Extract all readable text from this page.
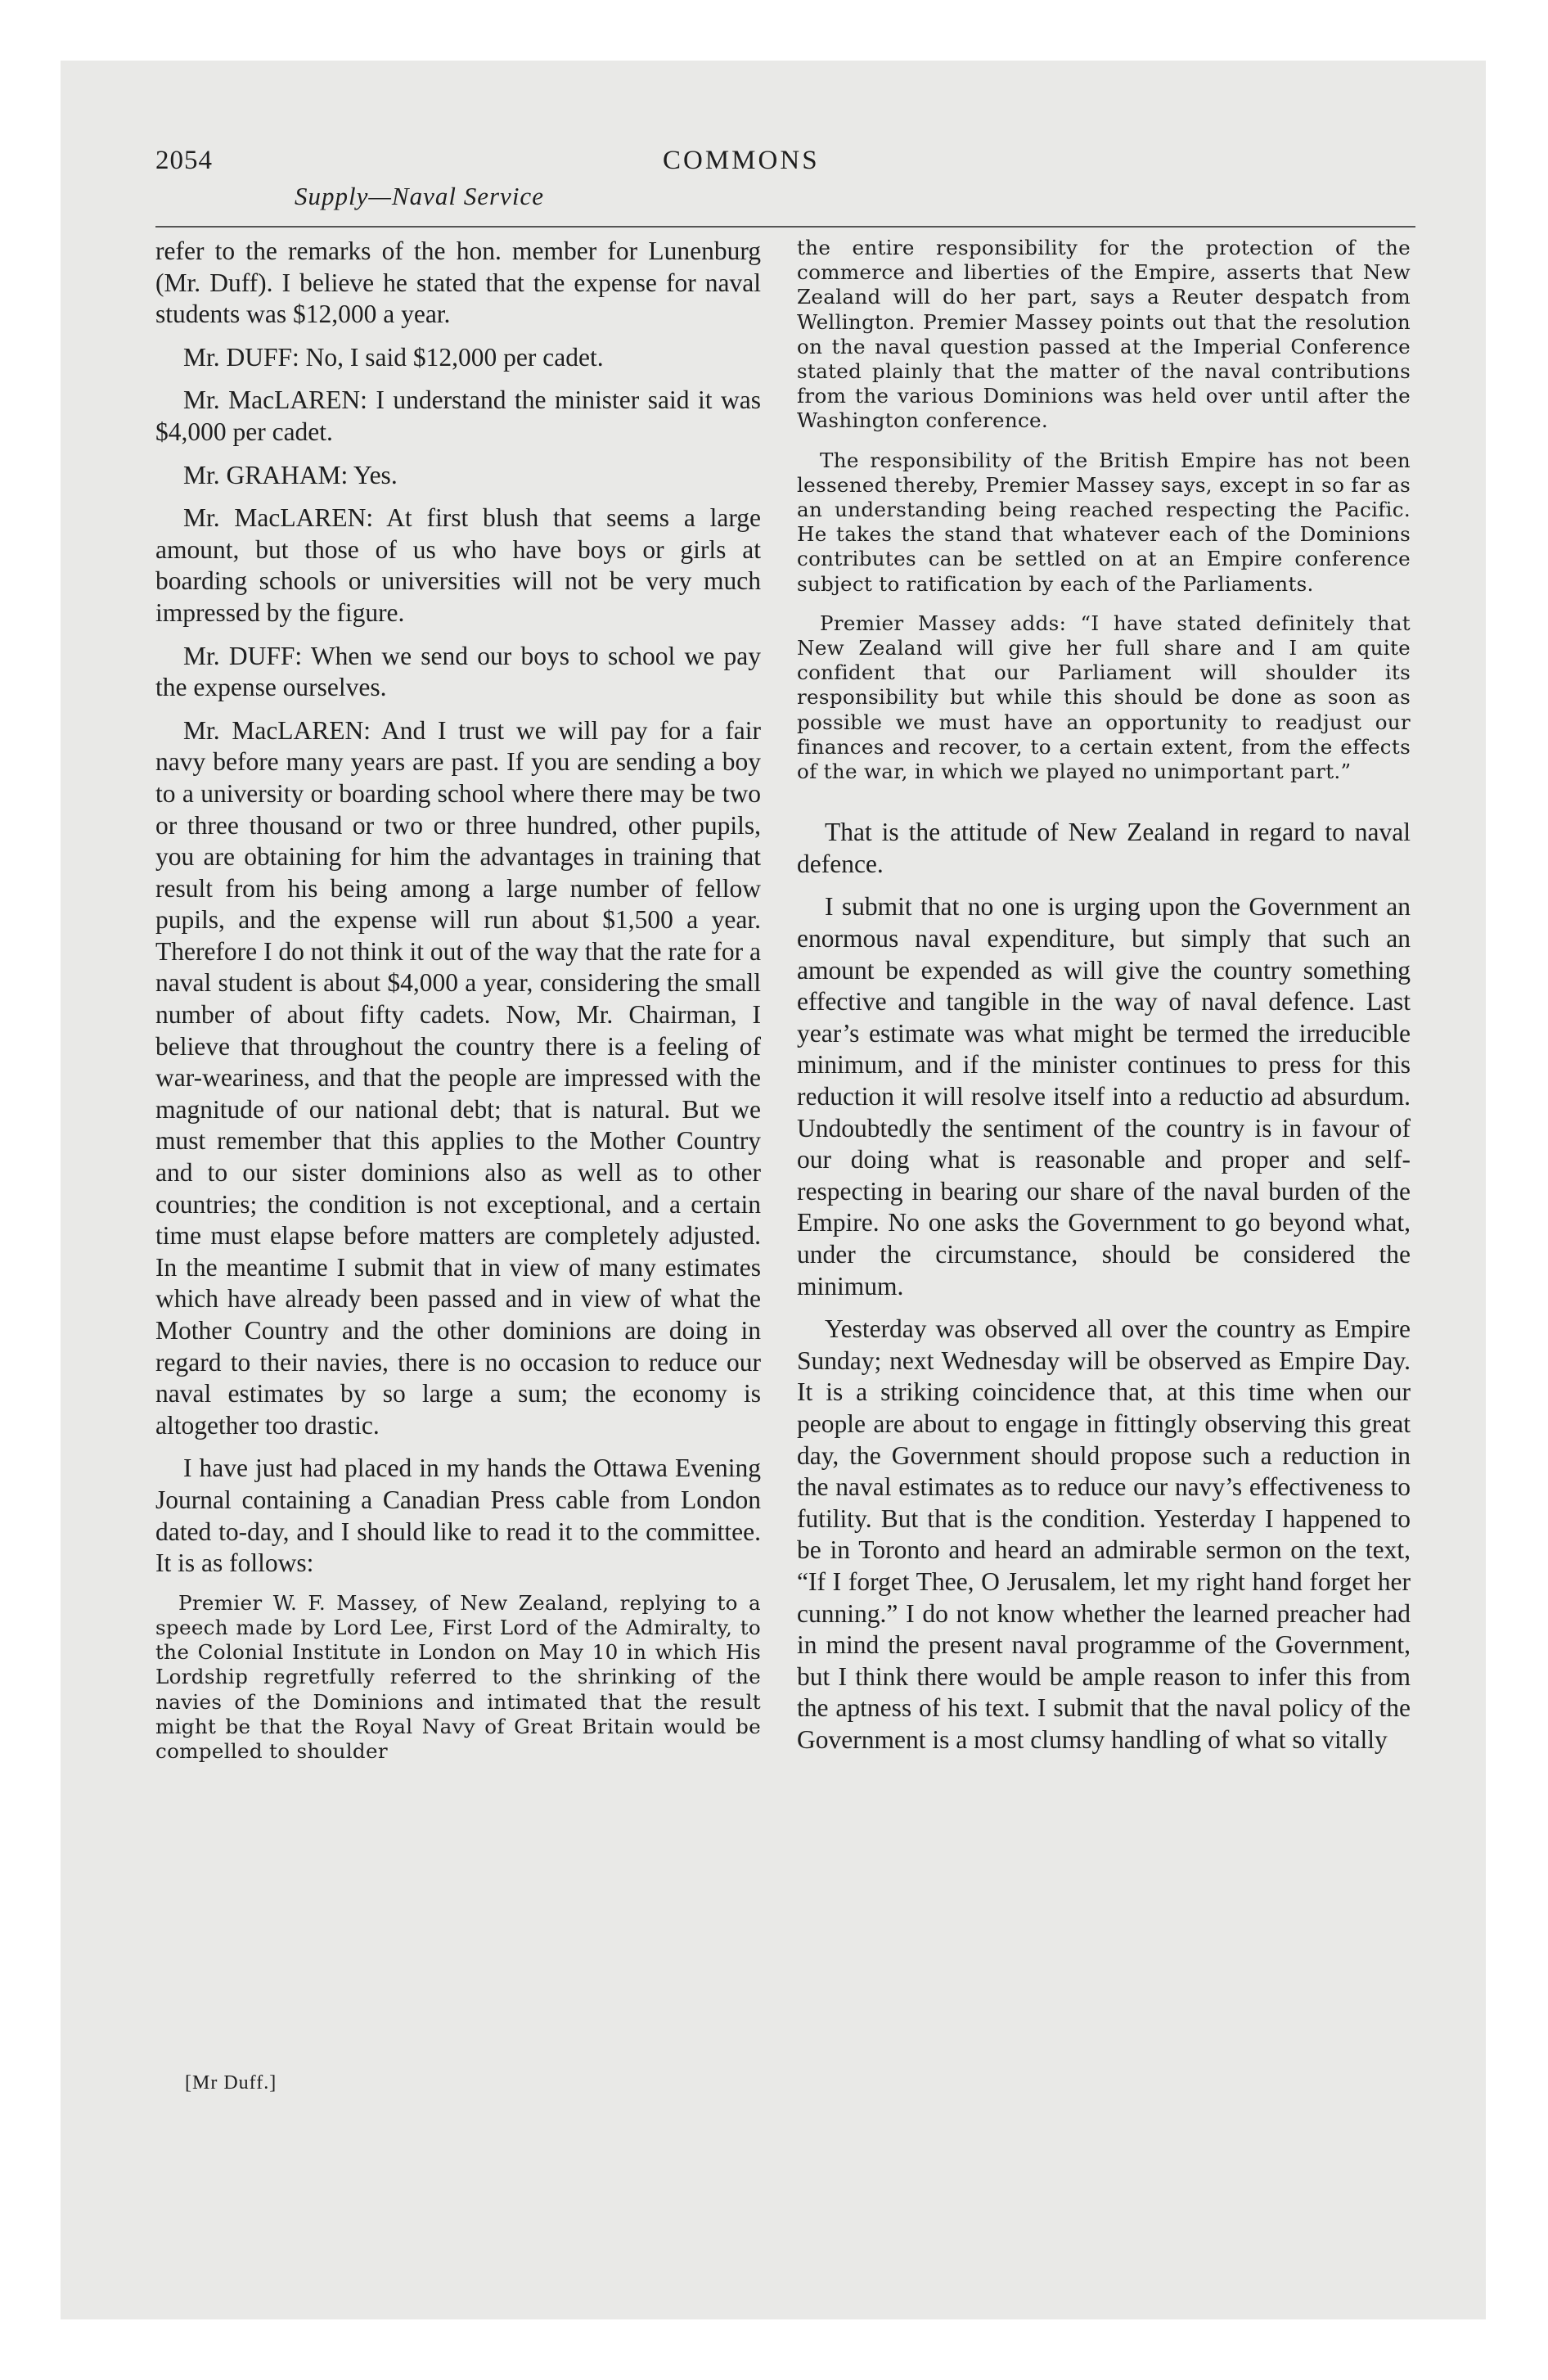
2054	COMMONS
Supply—Naval Service

refer to the remarks of the hon. member for Lunenburg (Mr. Duff). I believe he stated that the expense for naval students was $12,000 a year.

Mr. DUFF: No, I said $12,000 per cadet.

Mr. MacLAREN: I understand the minister said it was $4,000 per cadet.

Mr. GRAHAM: Yes.

Mr. MacLAREN: At first blush that seems a large amount, but those of us who have boys or girls at boarding schools or universities will not be very much impressed by the figure.

Mr. DUFF: When we send our boys to school we pay the expense ourselves.

Mr. MacLAREN: And I trust we will pay for a fair navy before many years are past. If you are sending a boy to a university or boarding school where there may be two or three thousand or two or three hundred, other pupils, you are obtaining for him the advantages in training that result from his being among a large number of fellow pupils, and the expense will run about $1,500 a year. Therefore I do not think it out of the way that the rate for a naval student is about $4,000 a year, considering the small number of about fifty cadets. Now, Mr. Chairman, I believe that throughout the country there is a feeling of war-weariness, and that the people are impressed with the magnitude of our national debt; that is natural. But we must remember that this applies to the Mother Country and to our sister dominions also as well as to other countries; the condition is not exceptional, and a certain time must elapse before matters are completely adjusted. In the meantime I submit that in view of many estimates which have already been passed and in view of what the Mother Country and the other dominions are doing in regard to their navies, there is no occasion to reduce our naval estimates by so large a sum; the economy is altogether too drastic.

I have just had placed in my hands the Ottawa Evening Journal containing a Canadian Press cable from London dated to-day, and I should like to read it to the committee. It is as follows:

Premier W. F. Massey, of New Zealand, replying to a speech made by Lord Lee, First Lord of the Admiralty, to the Colonial Institute in London on May 10 in which His Lordship regretfully referred to the shrinking of the navies of the Dominions and intimated that the result might be that the Royal Navy of Great Britain would be compelled to shoulder

[Mr Duff.]

the entire responsibility for the protection of the commerce and liberties of the Empire, asserts that New Zealand will do her part, says a Reuter despatch from Wellington. Premier Massey points out that the resolution on the naval question passed at the Imperial Conference stated plainly that the matter of the naval contributions from the various Dominions was held over until after the Washington conference.

The responsibility of the British Empire has not been lessened thereby, Premier Massey says, except in so far as an understanding being reached respecting the Pacific. He takes the stand that whatever each of the Dominions contributes can be settled on at an Empire conference subject to ratification by each of the Parliaments.

Premier Massey adds: “I have stated definitely that New Zealand will give her full share and I am quite confident that our Parliament will shoulder its responsibility but while this should be done as soon as possible we must have an opportunity to readjust our finances and recover, to a certain extent, from the effects of the war, in which we played no unimportant part.”

That is the attitude of New Zealand in regard to naval defence.

I submit that no one is urging upon the Government an enormous naval expenditure, but simply that such an amount be expended as will give the country something effective and tangible in the way of naval defence. Last year’s estimate was what might be termed the irreducible minimum, and if the minister continues to press for this reduction it will resolve itself into a reductio ad absurdum. Undoubtedly the sentiment of the country is in favour of our doing what is reasonable and proper and self-respecting in bearing our share of the naval burden of the Empire. No one asks the Government to go beyond what, under the circumstance, should be considered the minimum.

Yesterday was observed all over the country as Empire Sunday; next Wednesday will be observed as Empire Day. It is a striking coincidence that, at this time when our people are about to engage in fittingly observing this great day, the Government should propose such a reduction in the naval estimates as to reduce our navy’s effectiveness to futility. But that is the condition. Yesterday I happened to be in Toronto and heard an admirable sermon on the text, “If I forget Thee, O Jerusalem, let my right hand forget her cunning.” I do not know whether the learned preacher had in mind the present naval programme of the Government, but I think there would be ample reason to infer this from the aptness of his text. I submit that the naval policy of the Government is a most clumsy handling of what so vitally
